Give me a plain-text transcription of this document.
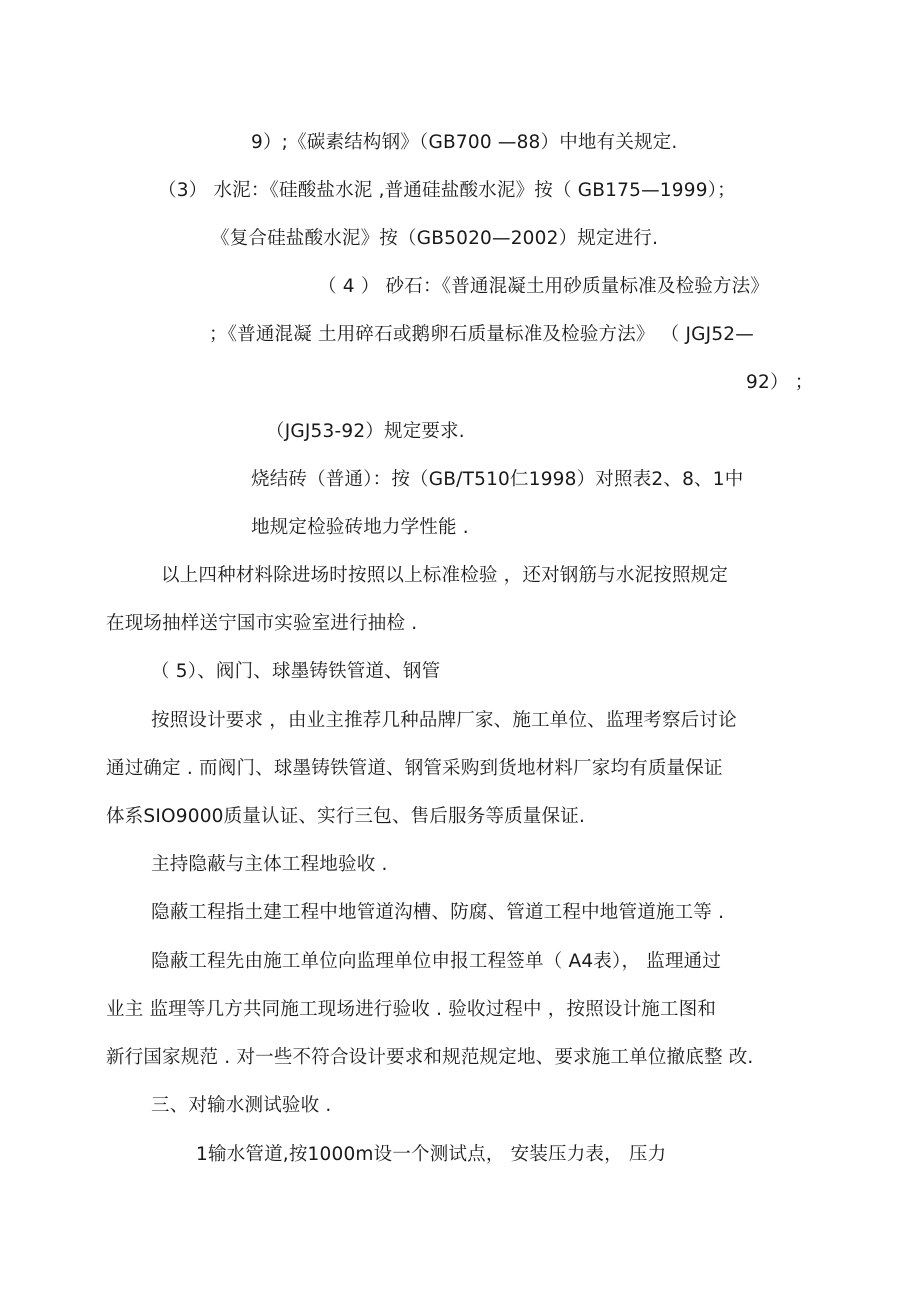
9）;《碳素结构钢》（GB700 —88）中地有关规定.
（3） 水泥：《硅酸盐水泥 ,普通硅盐酸水泥》按（ GB175—1999）；
《复合硅盐酸水泥》按（GB5020—2002）规定进行.
（ 4 ） 砂石：《普通混凝土用砂质量标准及检验方法》
；《普通混凝 土用碎石或鹅卵石质量标准及检验方法》 （ JGJ52—
92） ；
（JGJ53-92）规定要求.
烧结砖（普通）：按（GB/T510仁1998）对照表2、8、1中
地规定检验砖地力学性能 .
以上四种材料除进场时按照以上标准检验 ，还对钢筋与水泥按照规定
在现场抽样送宁国市实验室进行抽检 .
（ 5）、阀门、球墨铸铁管道、钢管
按照设计要求 ，由业主推荐几种品牌厂家、施工单位、监理考察后讨论
通过确定 . 而阀门、球墨铸铁管道、钢管采购到货地材料厂家均有质量保证
体系SIO9000质量认证、实行三包、售后服务等质量保证.
主持隐蔽与主体工程地验收 .
隐蔽工程指土建工程中地管道沟槽、防腐、管道工程中地管道施工等 .
隐蔽工程先由施工单位向监理单位申报工程签单（ A4表）， 监理通过
业主 监理等几方共同施工现场进行验收 . 验收过程中 ，按照设计施工图和
新行国家规范 . 对一些不符合设计要求和规范规定地、要求施工单位撤底整 改.
三、对输水测试验收 .
1输水管道,按1000m设一个测试点， 安装压力表， 压力
